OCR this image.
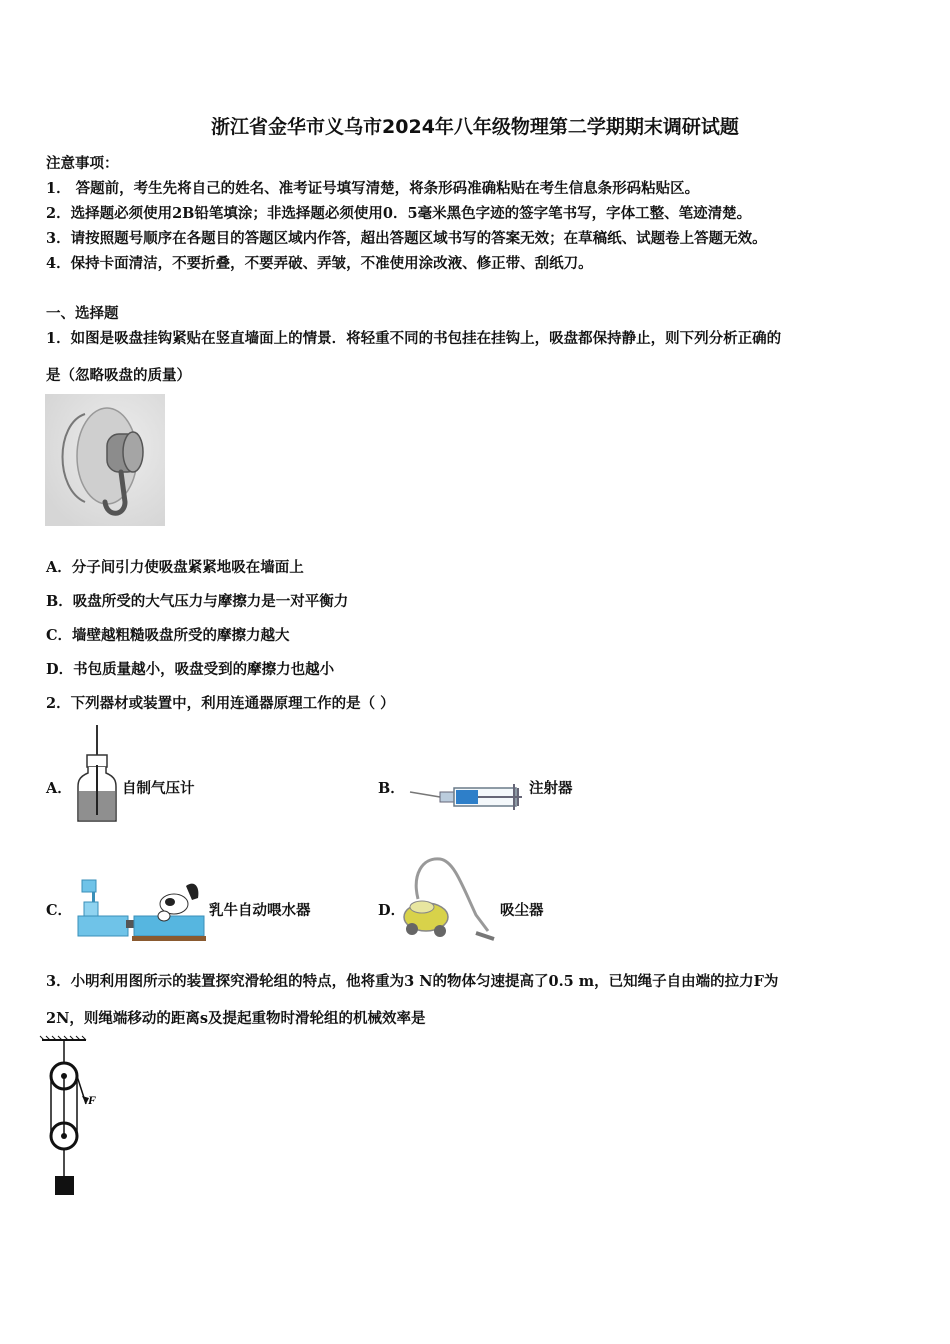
浙江省金华市义乌市2024年八年级物理第二学期期末调研试题
注意事项：
1． 答题前，考生先将自己的姓名、准考证号填写清楚，将条形码准确粘贴在考生信息条形码粘贴区。
2．选择题必须使用2B铅笔填涂；非选择题必须使用0．5毫米黑色字迹的签字笔书写，字体工整、笔迹清楚。
3．请按照题号顺序在各题目的答题区域内作答，超出答题区域书写的答案无效；在草稿纸、试题卷上答题无效。
4．保持卡面清洁，不要折叠，不要弄破、弄皱，不准使用涂改液、修正带、刮纸刀。
一、选择题
1．如图是吸盘挂钩紧贴在竖直墙面上的情景．将轻重不同的书包挂在挂钩上，吸盘都保持静止，则下列分析正确的
是（忽略吸盘的质量）
A．分子间引力使吸盘紧紧地吸在墙面上
B．吸盘所受的大气压力与摩擦力是一对平衡力
C．墙壁越粗糙吸盘所受的摩擦力越大
D．书包质量越小，吸盘受到的摩擦力也越小
2．下列器材或装置中，利用连通器原理工作的是（ ）
A．	自制气压计	B．	注射器
C．	乳牛自动喂水器	D．	吸尘器
3．小明利用图所示的装置探究滑轮组的特点，他将重为3 N的物体匀速提高了0.5 m，已知绳子自由端的拉力F为
2N，则绳端移动的距离s及提起重物时滑轮组的机械效率是
F
